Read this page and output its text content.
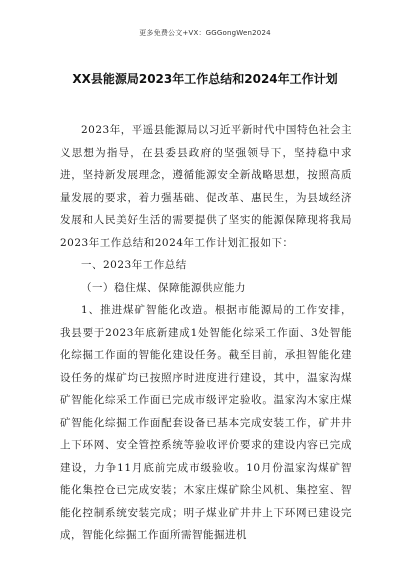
更多免费公文+VX：GGGongWen2024
XX县能源局2023年工作总结和2024年工作计划

2023年，平遥县能源局以习近平新时代中国特色社会主义思想为指导，在县委县政府的坚强领导下，坚持稳中求进，坚持新发展理念，遵循能源安全新战略思想，按照高质量发展的要求，着力强基础、促改革、惠民生，为县域经济发展和人民美好生活的需要提供了坚实的能源保障现将我局2023年工作总结和2024年工作计划汇报如下：

一、2023年工作总结

（一）稳住煤、保障能源供应能力

1、推进煤矿智能化改造。根据市能源局的工作安排，我县要于2023年底新建成1处智能化综采工作面、3处智能化综掘工作面的智能化建设任务。截至目前，承担智能化建设任务的煤矿均已按照序时进度进行建设，其中，温家沟煤矿智能化综采工作面已完成市级评定验收。温家沟木家庄煤矿智能化综掘工作面配套设备已基本完成安装工作，矿井井上下环网、安全管控系统等验收评价要求的建设内容已完成建设，力争11月底前完成市级验收。10月份温家沟煤矿智能化集控仓已完成安装；木家庄煤矿除尘风机、集控室、智能化控制系统安装完成；明子煤业矿井井上下环网已建设完成，智能化综掘工作面所需智能掘进机
